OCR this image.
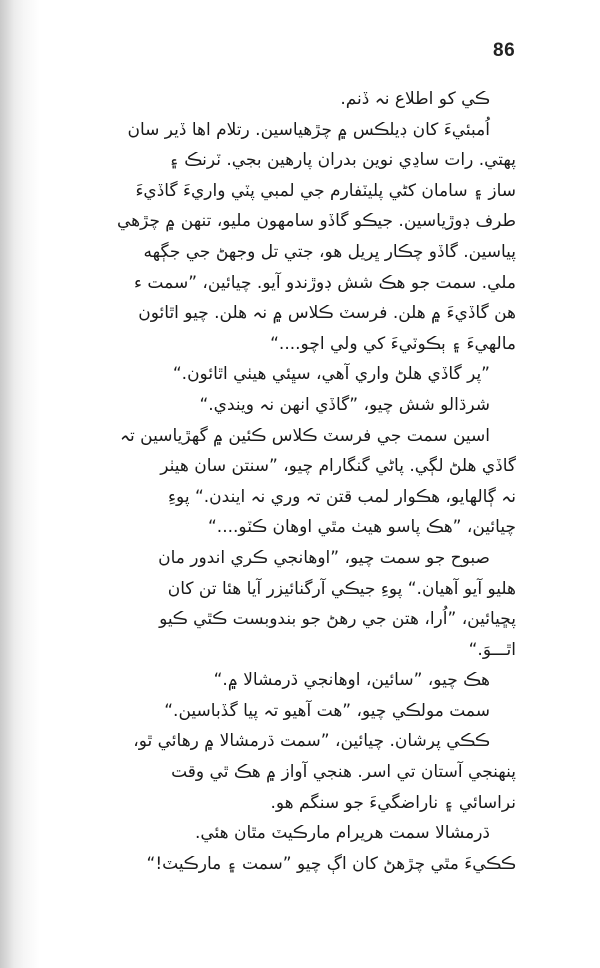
86
ڪي کو اطلاع نہ ڏنم.
اُمبئيءَ کان ڊيلڪس ۾ چڙهياسين. رتلام اھا ڏير سان
پهتي. رات ساڍي نوين بدران پارهين بجي. ٽرنڪ ۽
ساز ۽ سامان کڻي پليٽفارم جي لمبي پٽي واريءَ گاڏيءَ
طرف ڊوڙياسين. جيڪو گاڏو سامهون مليو، تنهن ۾ چڙهي
پياسين. گاڏو چڪار ڀريل هو، جتي تل وجهڻ جي جڳهه
ملي. سمت جو هڪ شش ڊوڙندو آيو. چيائين، ”سمت ء
هن گاڏيءَ ۾ هلن. فرسٽ ڪلاس ۾ نہ هلن. چيو اٿائون
مالهيءَ ۽ ٻڪوٽيءَ کي ولي اچو....“
”پر گاڏي هلڻ واري آهي، سڀئي هيٺي اٿائون.“
شرڌالو شش چيو، ”گاڏي انهن نہ ويندي.“
اسين سمت جي فرسٽ ڪلاس ڪئين ۾ گهڙياسين تہ
گاڏي هلڻ لڳي. پاڻي گنگارام چيو، ”سنتن سان هيٺر
نہ ڳالهايو، هڪوار لمب قتن تہ وري نہ ايندن.“ پوءِ
چيائين، ”هڪ پاسو هيٺ مٿي اوهان ڪٽو....“
صبوح جو سمت چيو، ”اوهانجي ڪري اندور مان
هليو آيو آهيان.“ پوءِ جيڪي آرگنائيزر آيا هئا تن کان
پڇيائين، ”اُرا، هتن جي رهڻ جو بندوبست ڪٿي ڪيو
اٿـــوَ.“
هڪ چيو، ”سائين، اوهانجي ڌرمشالا ۾.“
سمت مولڪي چيو، ”هت آهيو تہ پيا گڏباسين.“
ڪڪي پرشان. چيائين، ”سمت ڌرمشالا ۾ رهائي ٿو،
پنهنجي آستان تي اسر. هنجي آواز ۾ هڪ ٿي وقت
نراسائي ۽ ناراضگيءَ جو سنگم هو.
ڌرمشالا سمت هريرام مارڪيٽ مٿان هئي.
ڪڪيءَ مٿي چڙهڻ کان اڳ چيو ”سمت ۽ مارڪيٽ!“
